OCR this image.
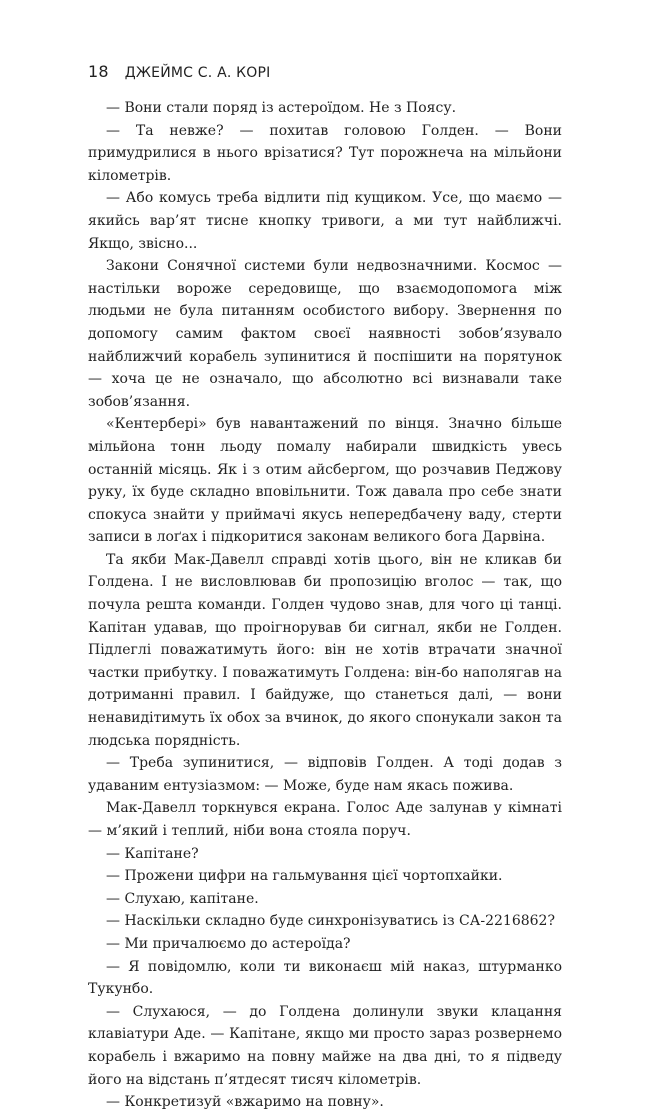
18 ДЖЕЙМС С. А. КОРІ

— Вони стали поряд із астероїдом. Не з Поясу.

— Та невже? — похитав головою Голден. — Вони примудрилися в нього врізатися? Тут порожнеча на мільйони кілометрів.

— Або комусь треба відлити під кущиком. Усе, що маємо — якийсь вар’ят тисне кнопку тривоги, а ми тут найближчі. Якщо, звісно...

Закони Сонячної системи були недвозначними. Космос — настільки вороже середовище, що взаємодопомога між людьми не була питанням особистого вибору. Звернення по допомогу самим фактом своєї наявності зобов’язувало найближчий корабель зупинитися й поспішити на порятунок — хоча це не означало, що абсолютно всі визнавали таке зобов’язання.

«Кентербері» був навантажений по вінця. Значно більше мільйона тонн льоду помалу набирали швидкість увесь останній місяць. Як і з отим айсбергом, що розчавив Педжову руку, їх буде складно вповільнити. Тож давала про себе знати спокуса знайти у приймачі якусь непередбачену ваду, стерти записи в лоґах і підкоритися законам великого бога Дарвіна.

Та якби Мак-Давелл справді хотів цього, він не кликав би Голдена. І не висловлював би пропозицію вголос — так, що почула решта команди. Голден чудово знав, для чого ці танці. Капітан удавав, що проігнорував би сигнал, якби не Голден. Підлеглі поважатимуть його: він не хотів втрачати значної частки прибутку. І поважатимуть Голдена: він-бо наполягав на дотриманні правил. І байдуже, що станеться далі, — вони ненавидітимуть їх обох за вчинок, до якого спонукали закон та людська порядність.

— Треба зупинитися, — відповів Голден. А тоді додав з удаваним ентузіазмом: — Може, буде нам якась пожива.

Мак-Давелл торкнувся екрана. Голос Аде залунав у кімнаті — м’який і теплий, ніби вона стояла поруч.

— Капітане?

— Прожени цифри на гальмування цієї чортопхайки.

— Слухаю, капітане.

— Наскільки складно буде синхронізуватись із СА-2216862?

— Ми причалюємо до астероїда?

— Я повідомлю, коли ти виконаєш мій наказ, штурманко Тукунбо.

— Слухаюся, — до Голдена долинули звуки клацання клавіатури Аде. — Капітане, якщо ми просто зараз розвернемо корабель і вжаримо на повну майже на два дні, то я підведу його на відстань п’ятдесят тисяч кілометрів.

— Конкретизуй «вжаримо на повну».
